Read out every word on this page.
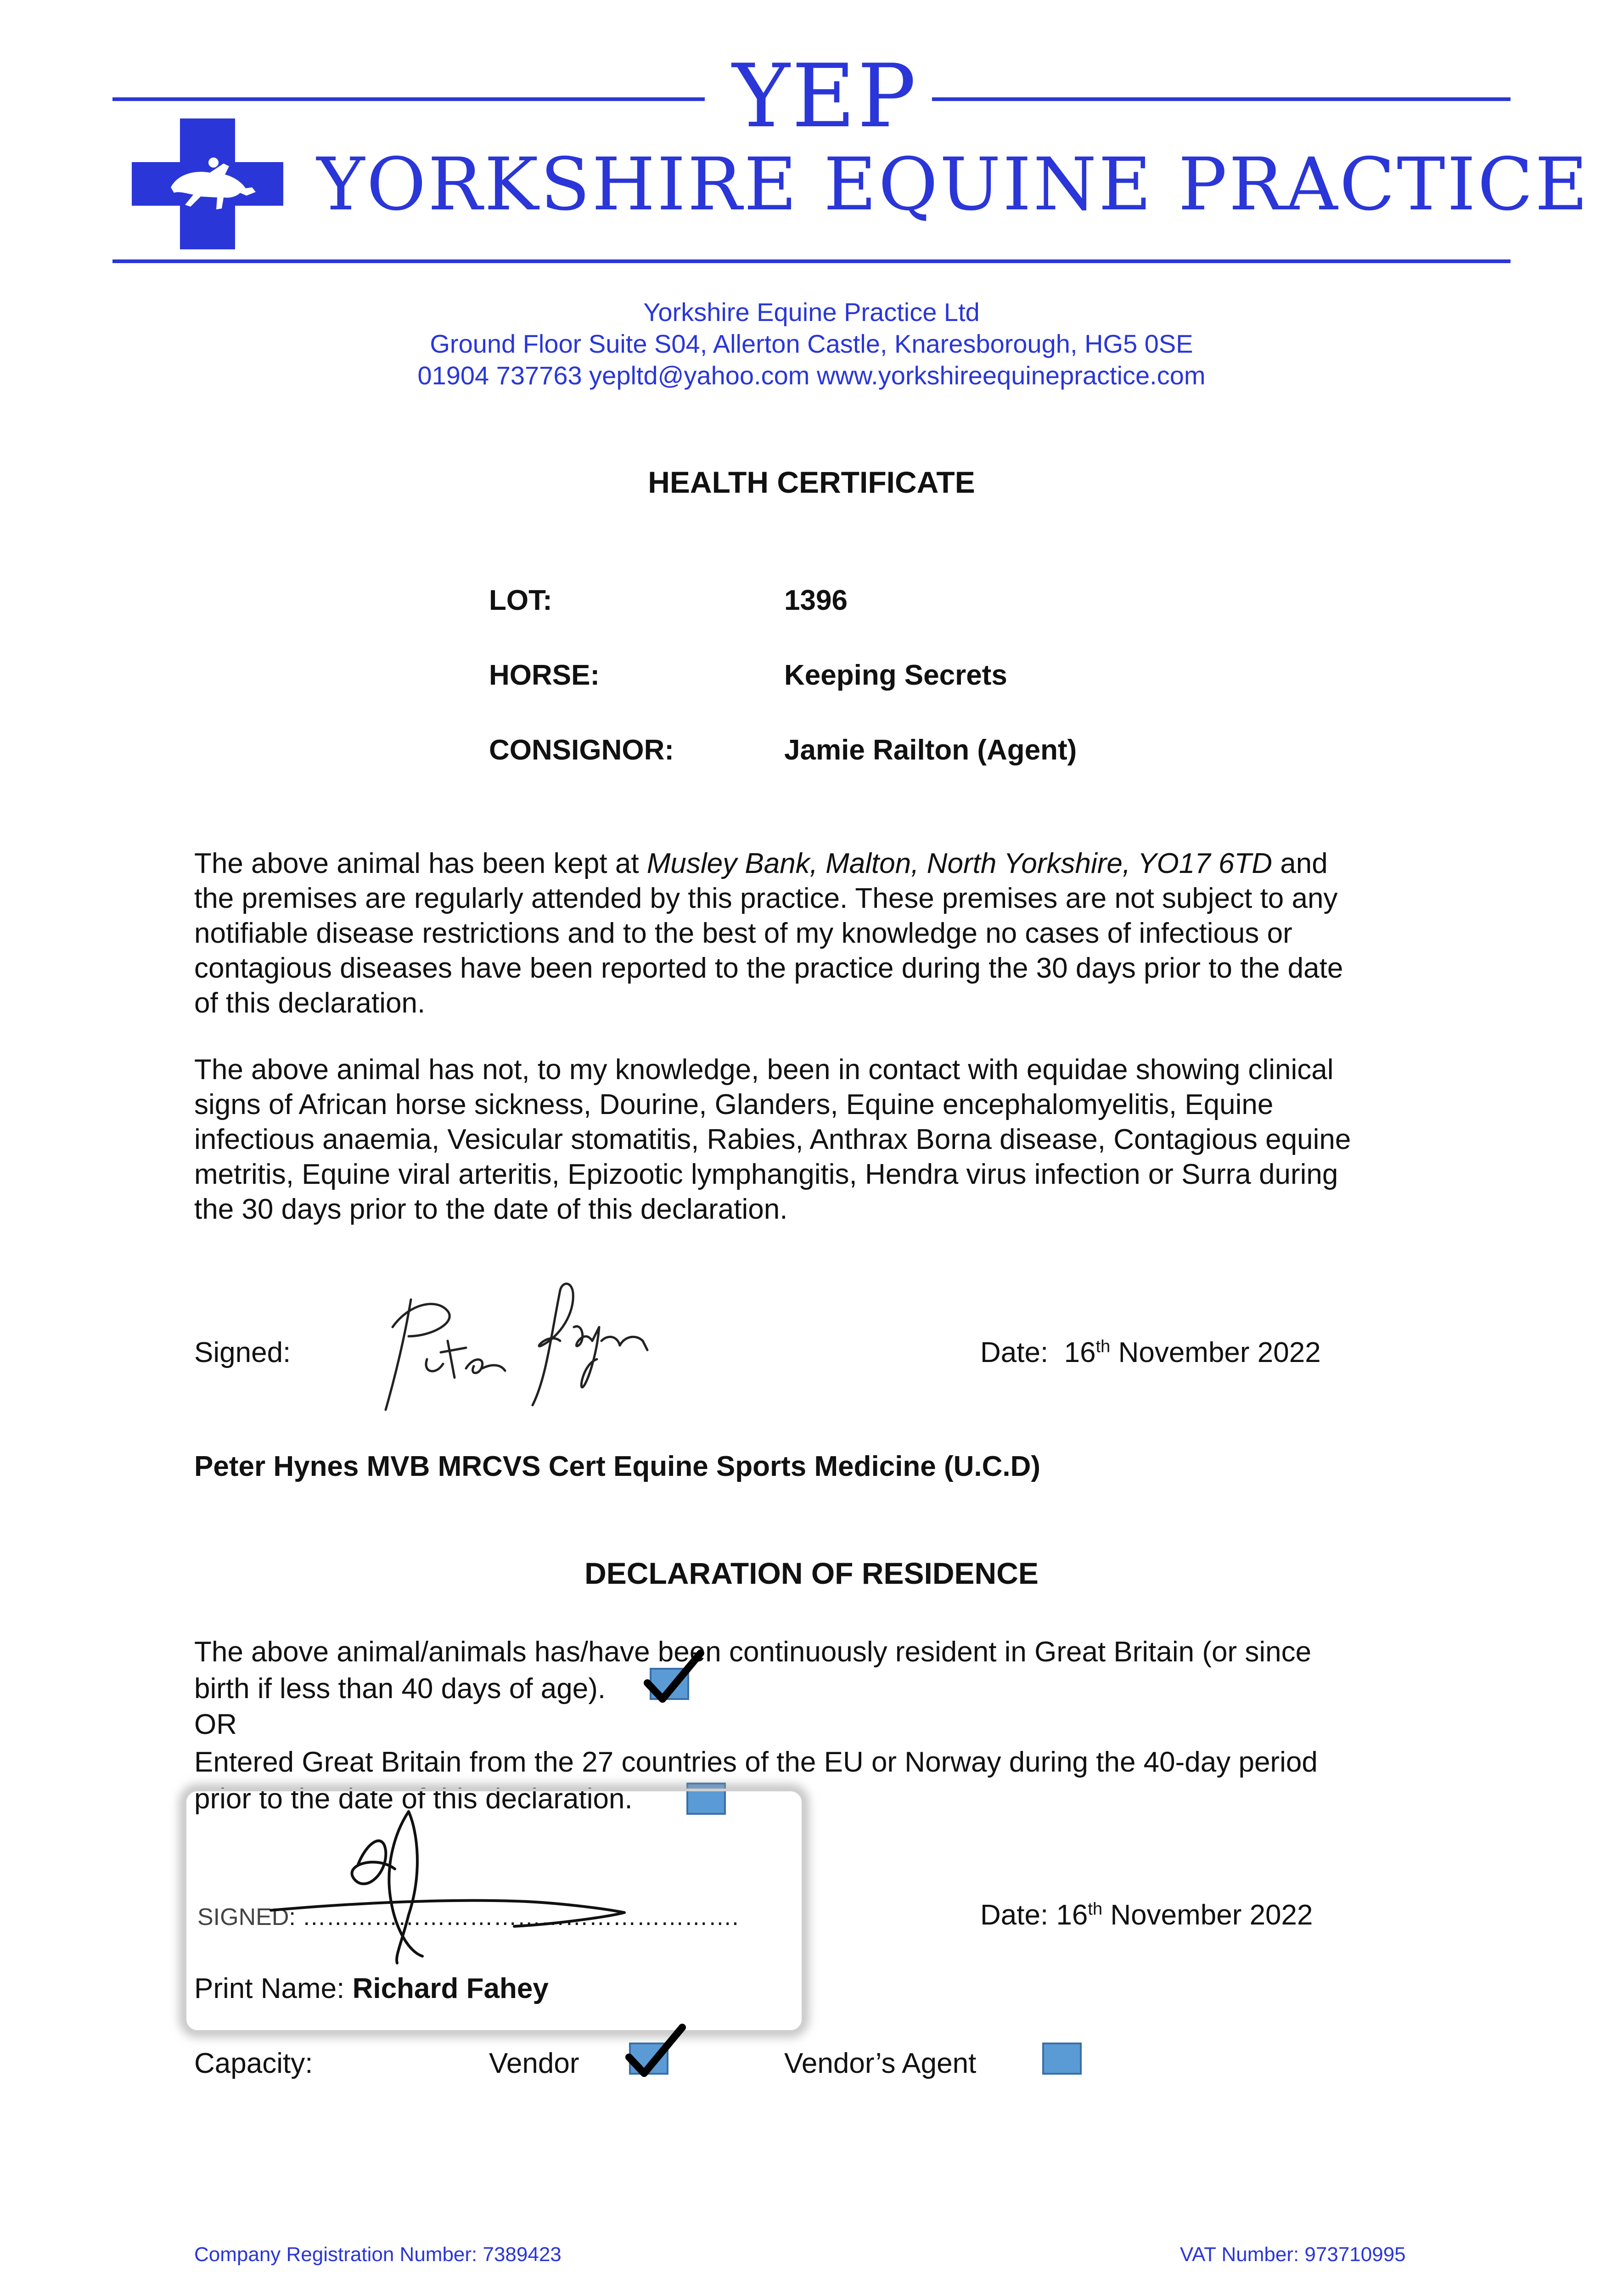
YEP
YORKSHIRE EQUINE PRACTICE
Yorkshire Equine Practice Ltd
Ground Floor Suite S04, Allerton Castle, Knaresborough, HG5 0SE
01904 737763 yepltd@yahoo.com www.yorkshireequinepractice.com
HEALTH CERTIFICATE
LOT:	1396
HORSE:	Keeping Secrets
CONSIGNOR:	Jamie Railton (Agent)
The above animal has been kept at Musley Bank, Malton, North Yorkshire, YO17 6TD and
the premises are regularly attended by this practice. These premises are not subject to any
notifiable disease restrictions and to the best of my knowledge no cases of infectious or
contagious diseases have been reported to the practice during the 30 days prior to the date
of this declaration.
The above animal has not, to my knowledge, been in contact with equidae showing clinical
signs of African horse sickness, Dourine, Glanders, Equine encephalomyelitis, Equine
infectious anaemia, Vesicular stomatitis, Rabies, Anthrax Borna disease, Contagious equine
metritis, Equine viral arteritis, Epizootic lymphangitis, Hendra virus infection or Surra during
the 30 days prior to the date of this declaration.
Signed:	Date: 16th November 2022
Peter Hynes MVB MRCVS Cert Equine Sports Medicine (U.C.D)
DECLARATION OF RESIDENCE
The above animal/animals has/have been continuously resident in Great Britain (or since
birth if less than 40 days of age).
OR
Entered Great Britain from the 27 countries of the EU or Norway during the 40-day period
prior to the date of this declaration.
SIGNED: ……………………………………………….	Date: 16th November 2022
Print Name: Richard Fahey
Capacity:	Vendor	Vendor’s Agent
Company Registration Number: 7389423	VAT Number: 973710995
